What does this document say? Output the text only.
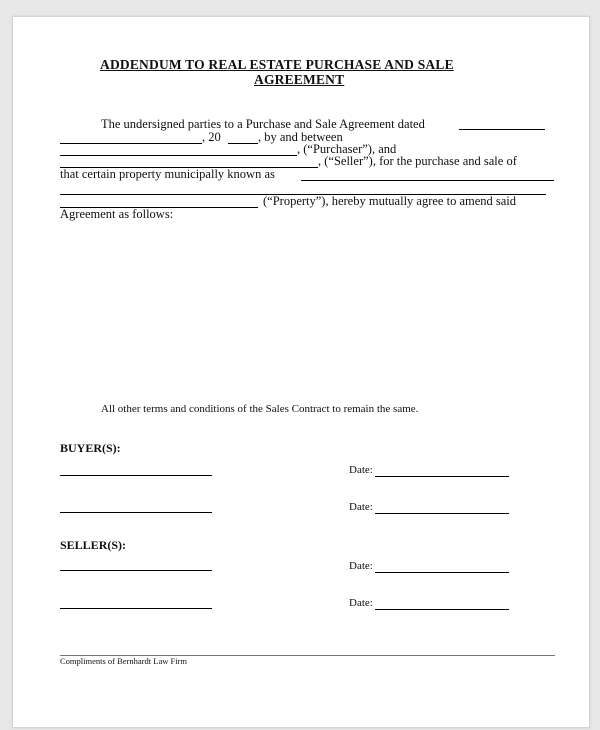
ADDENDUM TO REAL ESTATE PURCHASE AND SALE
AGREEMENT
The undersigned parties to a Purchase and Sale Agreement dated
, 20	, by and between
, (“Purchaser”), and
, (“Seller”), for the purchase and sale of
that certain property municipally known as
(“Property”), hereby mutually agree to amend said
Agreement as follows:
All other terms and conditions of the Sales Contract to remain the same.
BUYER(S):
Date:
Date:
SELLER(S):
Date:
Date:
Compliments of Bernhardt Law Firm
